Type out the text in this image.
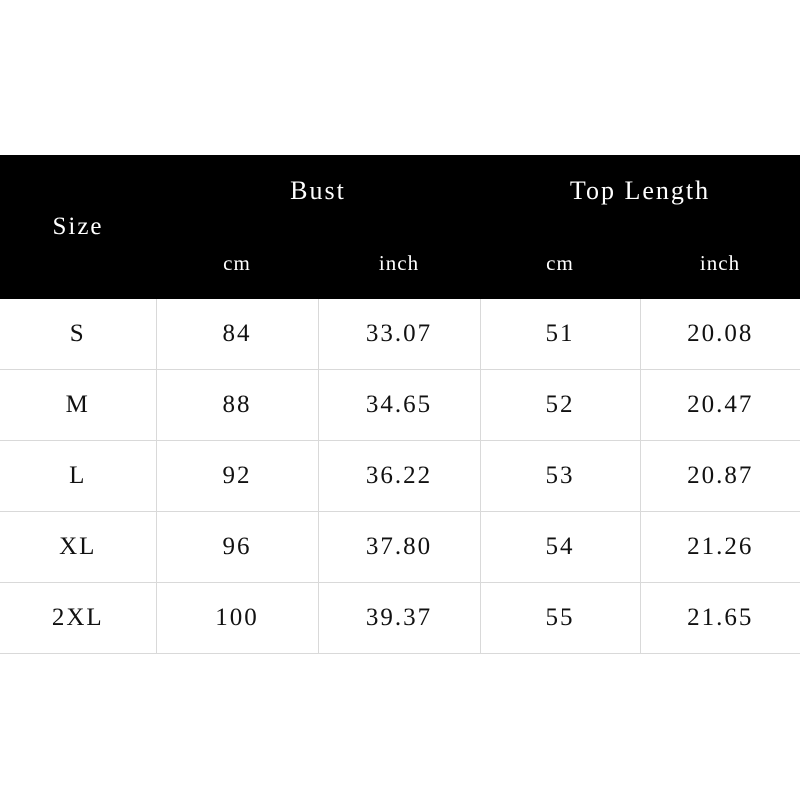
Size	Bust		Top Length	
	cm	inch	cm	inch
S	84	33.07	51	20.08
M	88	34.65	52	20.47
L	92	36.22	53	20.87
XL	96	37.80	54	21.26
2XL	100	39.37	55	21.65
